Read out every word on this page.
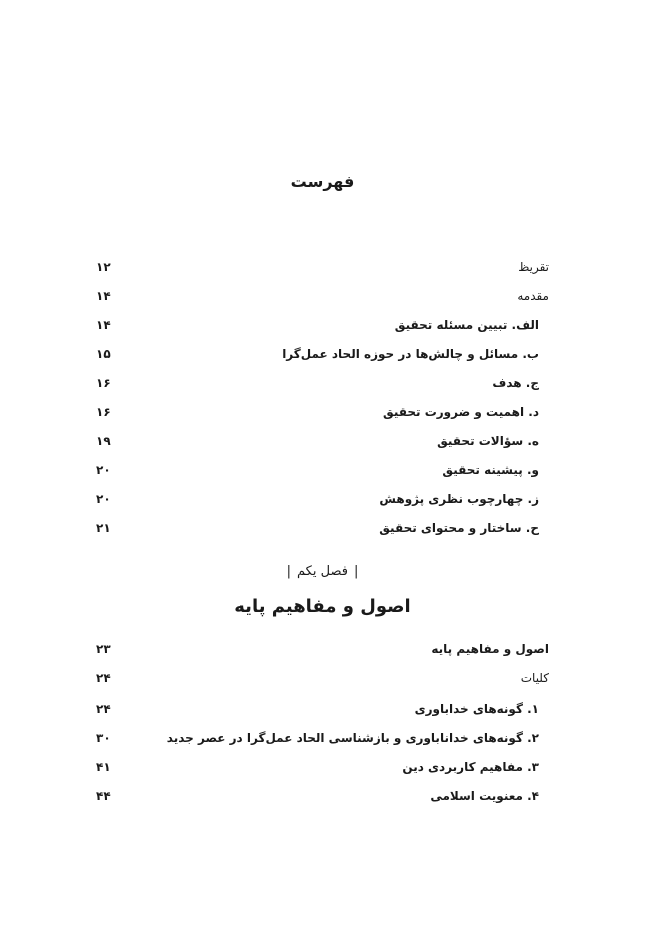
فهرست
تقریظ
۱۲
مقدمه
۱۴
الف. تبیین مسئله تحقیق
۱۴
ب. مسائل و چالش‌ها در حوزه الحاد عمل‌گرا
۱۵
ج. هدف
۱۶
د. اهمیت و ضرورت تحقیق
۱۶
ه. سؤالات تحقیق
۱۹
و. پیشینه تحقیق
۲۰
ز. چهارچوب نظری پژوهش
۲۰
ح. ساختار و محتوای تحقیق
۲۱
|فصل یکم|
اصول و مفاهیم پایه
اصول و مفاهیم پایه
۲۳
کلیات
۲۴
۱. گونه‌های خداباوری
۲۴
۲. گونه‌های خداناباوری و بازشناسی الحاد عمل‌گرا در عصر جدید
۳۰
۳. مفاهیم کاربردی دین
۴۱
۴. معنویت اسلامی
۴۴
